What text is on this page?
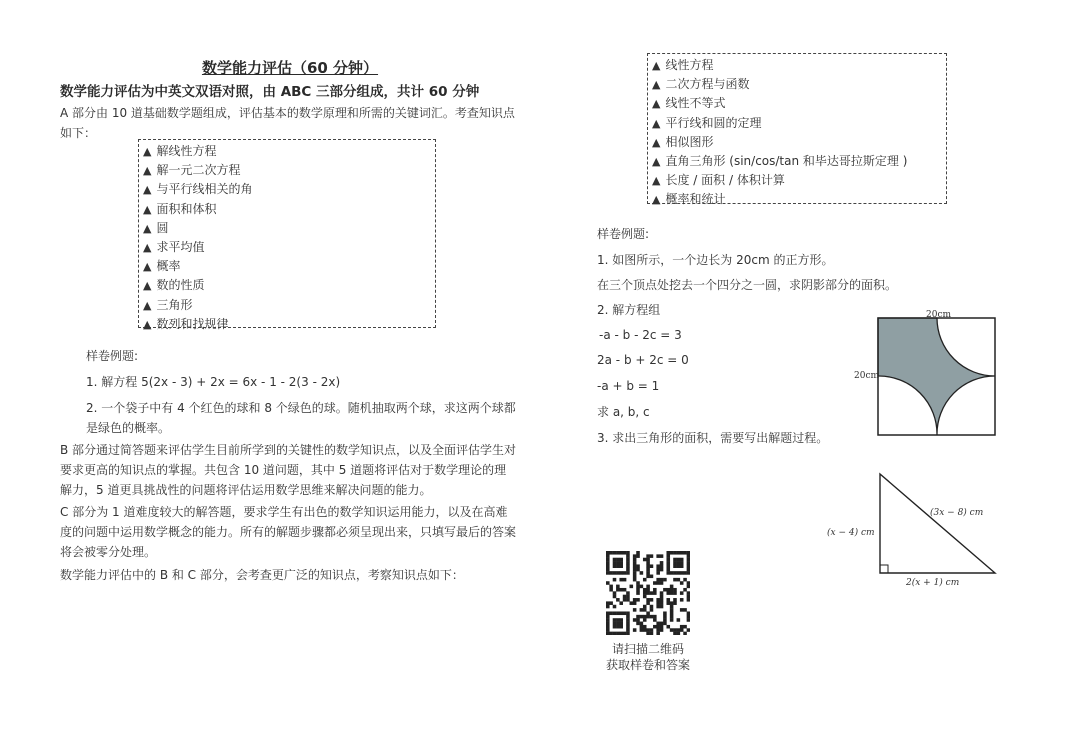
数学能力评估（60 分钟）
数学能力评估为中英文双语对照，由 ABC 三部分组成，共计 60 分钟
A 部分由 10 道基础数学题组成，评估基本的数学原理和所需的关键词汇。考查知识点如下：
▲ 解线性方程
▲ 解一元二次方程
▲ 与平行线相关的角
▲ 面积和体积
▲ 圆
▲ 求平均值
▲ 概率
▲ 数的性质
▲ 三角形
▲ 数列和找规律
样卷例题:
1. 解方程 5(2x - 3) + 2x = 6x - 1 - 2(3 - 2x)
2. 一个袋子中有 4 个红色的球和 8 个绿色的球。随机抽取两个球，求这两个球都是绿色的概率。
B 部分通过简答题来评估学生目前所学到的关键性的数学知识点，以及全面评估学生对要求更高的知识点的掌握。共包含 10 道问题，其中 5 道题将评估对于数学理论的理解力，5 道更具挑战性的问题将评估运用数学思维来解决问题的能力。
C 部分为 1 道难度较大的解答题，要求学生有出色的数学知识运用能力，以及在高难度的问题中运用数学概念的能力。所有的解题步骤都必须呈现出来，只填写最后的答案将会被零分处理。
数学能力评估中的 B 和 C 部分，会考查更广泛的知识点，考察知识点如下：
▲ 线性方程
▲ 二次方程与函数
▲ 线性不等式
▲ 平行线和圆的定理
▲ 相似图形
▲ 直角三角形 (sin/cos/tan 和毕达哥拉斯定理 )
▲ 长度 / 面积 / 体积计算
▲ 概率和统计
样卷例题:
1. 如图所示，一个边长为 20cm 的正方形。
在三个顶点处挖去一个四分之一圆，求阴影部分的面积。
2. 解方程组
-a - b - 2c = 3
2a - b + 2c = 0
-a + b = 1
求 a, b, c
3. 求出三角形的面积，需要写出解题过程。
20cm
20cm
(x − 4) cm
(3x − 8) cm
2(x + 1) cm
请扫描二维码
获取样卷和答案
